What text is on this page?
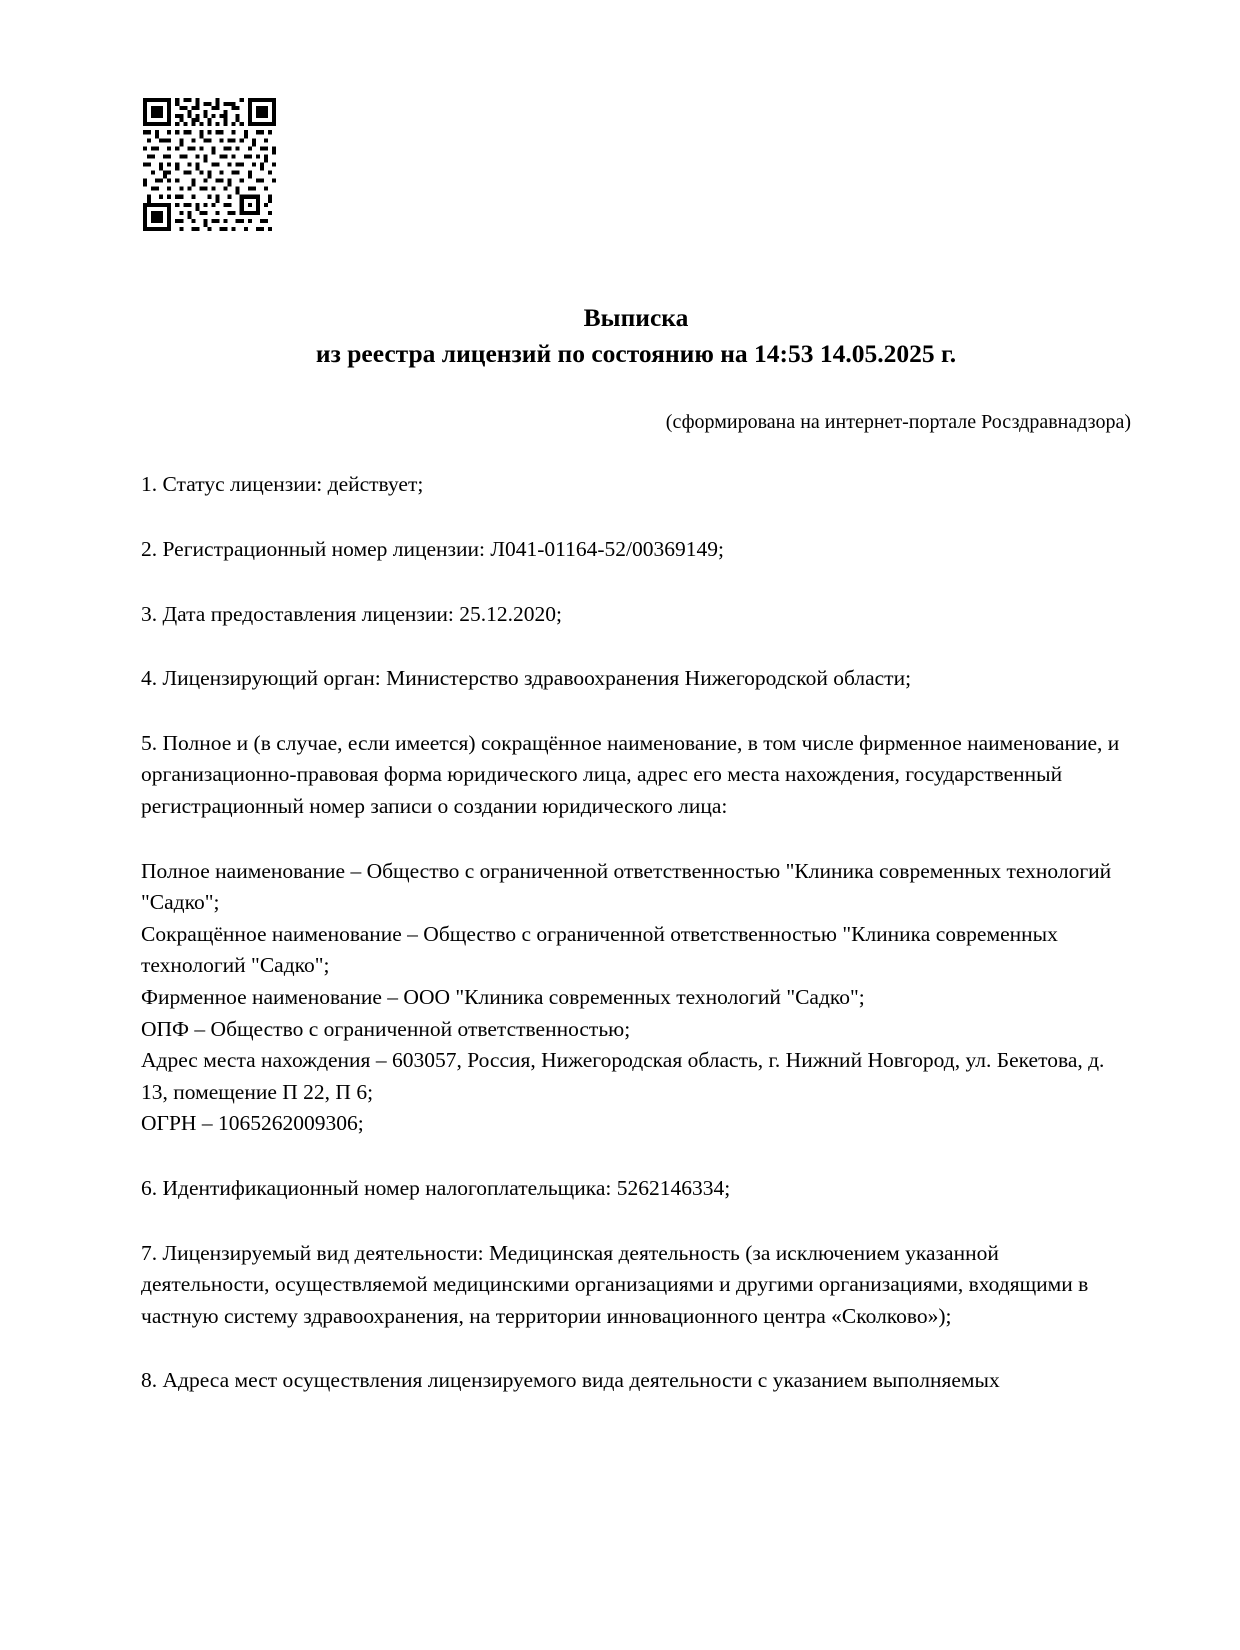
Выписка
из реестра лицензий по состоянию на 14:53 14.05.2025 г.
(сформирована на интернет-портале Росздравнадзора)
1. Статус лицензии: действует;
2. Регистрационный номер лицензии: Л041-01164-52/00369149;
3. Дата предоставления лицензии: 25.12.2020;
4. Лицензирующий орган: Министерство здравоохранения Нижегородской области;
5. Полное и (в случае, если имеется) сокращённое наименование, в том числе фирменное наименование, и организационно-правовая форма юридического лица, адрес его места нахождения, государственный регистрационный номер записи о создании юридического лица:
Полное наименование – Общество с ограниченной ответственностью "Клиника современных технологий "Садко";
Сокращённое наименование – Общество с ограниченной ответственностью "Клиника современных технологий "Садко";
Фирменное наименование – ООО "Клиника современных технологий "Садко";
ОПФ – Общество с ограниченной ответственностью;
Адрес места нахождения – 603057, Россия, Нижегородская область, г. Нижний Новгород, ул. Бекетова, д. 13, помещение П 22, П 6;
ОГРН – 1065262009306;
6. Идентификационный номер налогоплательщика: 5262146334;
7. Лицензируемый вид деятельности: Медицинская деятельность (за исключением указанной деятельности, осуществляемой медицинскими организациями и другими организациями, входящими в частную систему здравоохранения, на территории инновационного центра «Сколково»);
8. Адреса мест осуществления лицензируемого вида деятельности с указанием выполняемых
